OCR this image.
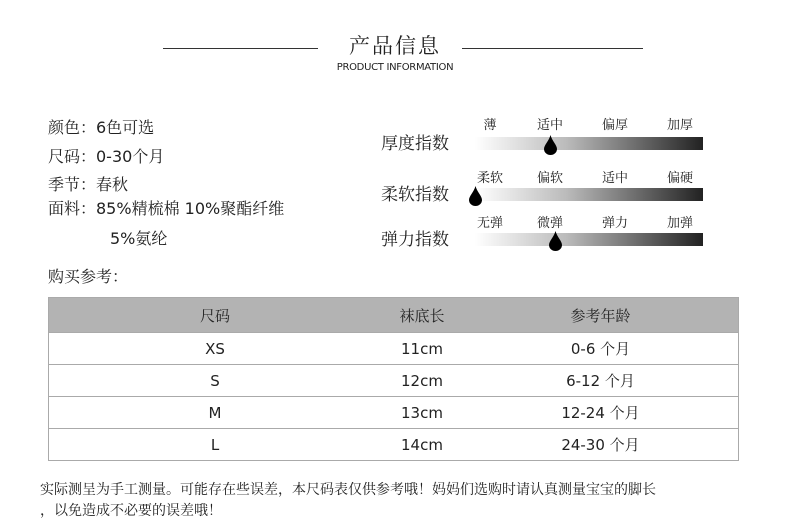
产品信息
PRODUCT INFORMATION
颜色：6色可选
尺码：0-30个月
季节：春秋
面料：85%精梳棉 10%聚酯纤维
5%氨纶
厚度指数
薄	适中	偏厚	加厚
柔软指数
柔软	偏软	适中	偏硬
弹力指数
无弹	微弹	弹力	加弹
购买参考：
尺码	袜底长	参考年龄
XS	11cm	0-6 个月
S	12cm	6-12 个月
M	13cm	12-24 个月
L	14cm	24-30 个月
实际测呈为手工测量。可能存在些误差，本尺码表仅供参考哦！妈妈们选购时请认真测量宝宝的脚长
，以免造成不必要的误差哦！
